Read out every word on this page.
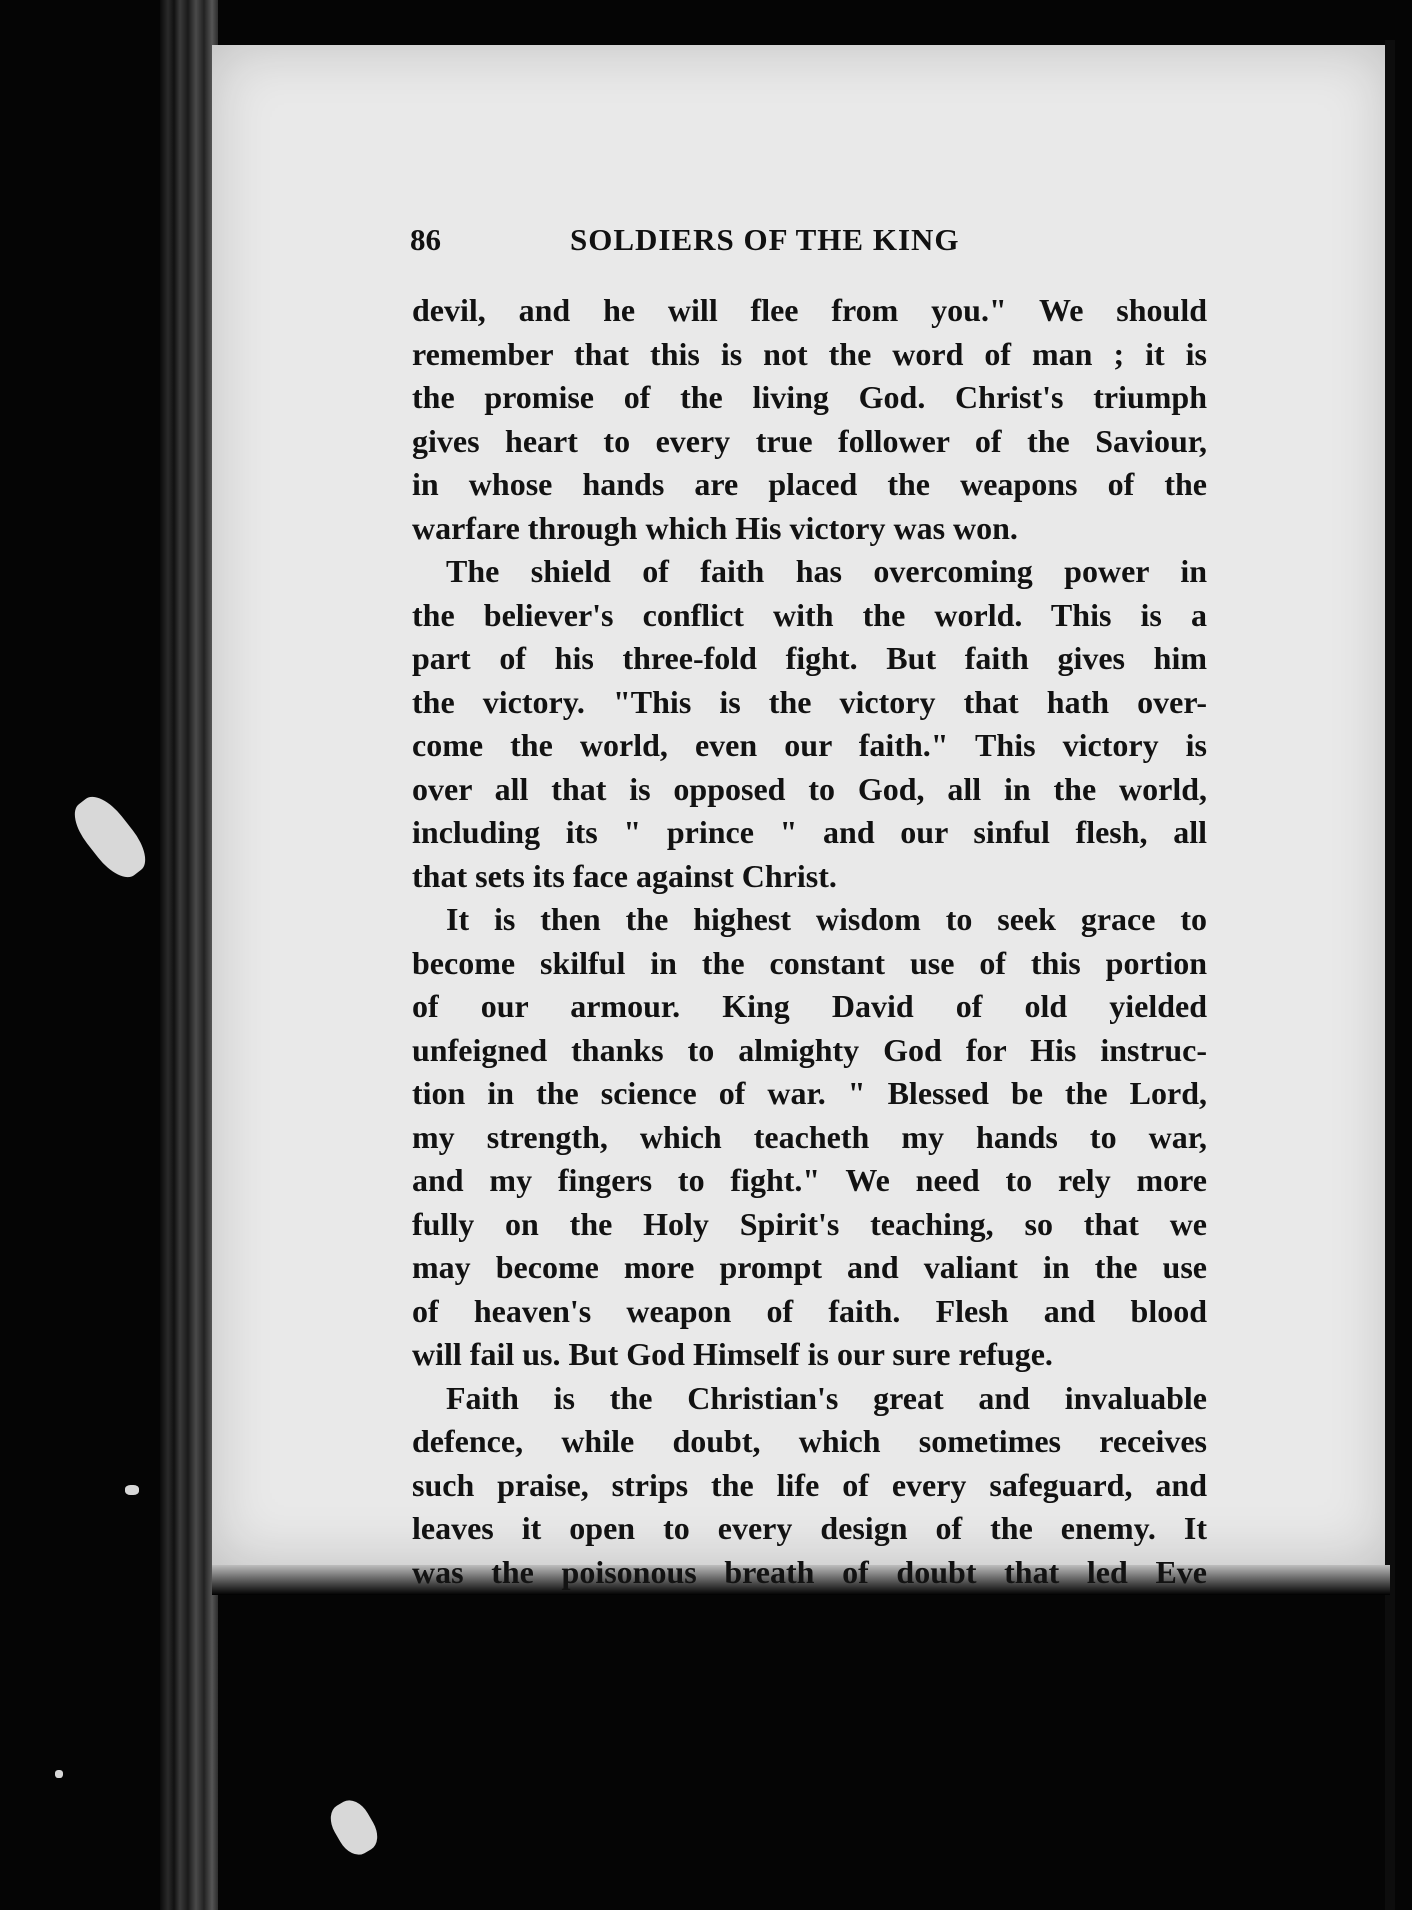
86	SOLDIERS OF THE KING
devil, and he will flee from you." We should
remember that this is not the word of man ; it is
the promise of the living God. Christ's triumph
gives heart to every true follower of the Saviour,
in whose hands are placed the weapons of the
warfare through which His victory was won.
The shield of faith has overcoming power in
the believer's conflict with the world. This is a
part of his three-fold fight. But faith gives him
the victory. "This is the victory that hath over-
come the world, even our faith." This victory is
over all that is opposed to God, all in the world,
including its " prince " and our sinful flesh, all
that sets its face against Christ.
It is then the highest wisdom to seek grace to
become skilful in the constant use of this portion
of our armour. King David of old yielded
unfeigned thanks to almighty God for His instruc-
tion in the science of war. " Blessed be the Lord,
my strength, which teacheth my hands to war,
and my fingers to fight." We need to rely more
fully on the Holy Spirit's teaching, so that we
may become more prompt and valiant in the use
of heaven's weapon of faith. Flesh and blood
will fail us. But God Himself is our sure refuge.
Faith is the Christian's great and invaluable
defence, while doubt, which sometimes receives
such praise, strips the life of every safeguard, and
leaves it open to every design of the enemy. It
was the poisonous breath of doubt that led Eve
